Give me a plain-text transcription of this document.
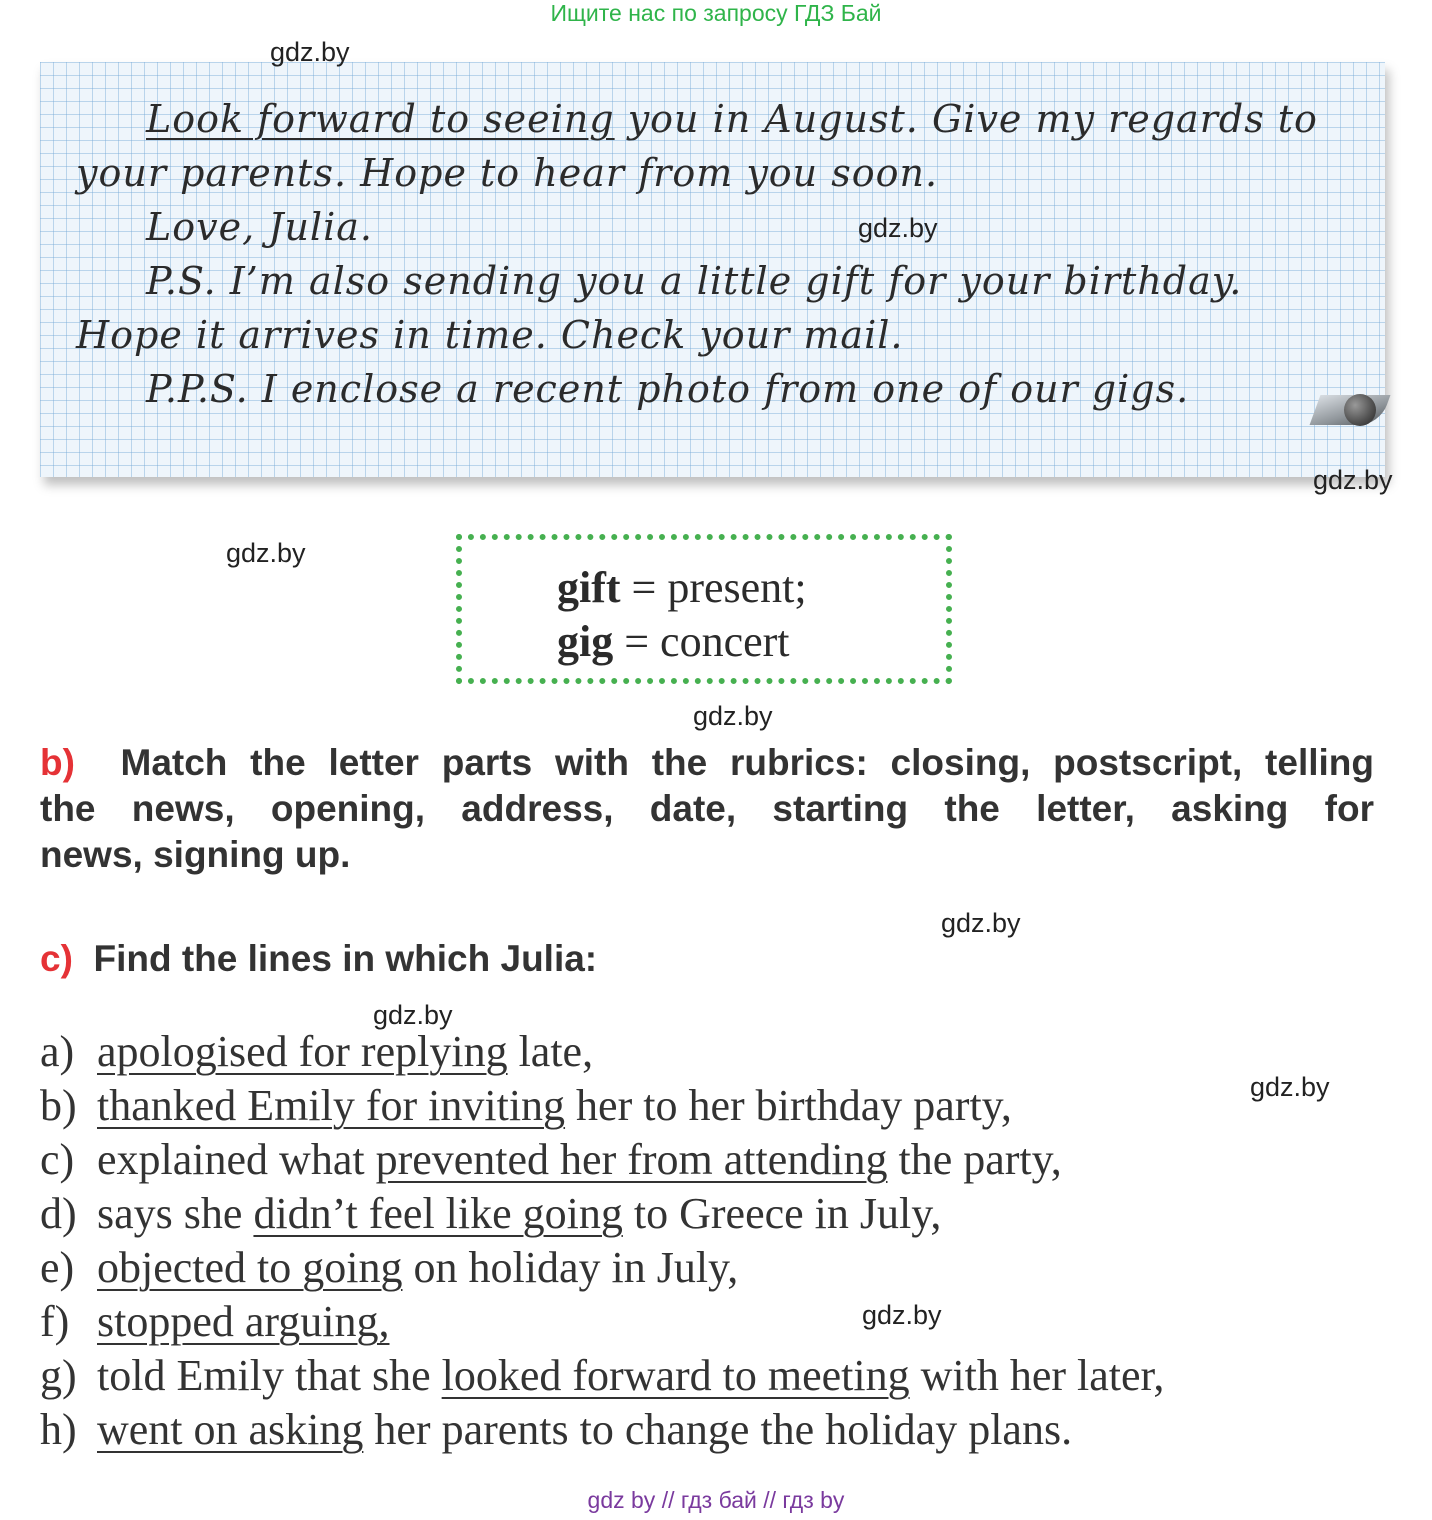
Ищите нас по запросу ГДЗ Бай
Look forward to seeing you in August. Give my regards to
your parents. Hope to hear from you soon.
Love, Julia.
P.S. I’m also sending you a little gift for your birthday.
Hope it arrives in time. Check your mail.
P.P.S. I enclose a recent photo from one of our gigs.
gdz.by
gdz.by
gdz.by
gdz.by
gdz.by
gdz.by
gdz.by
gdz.by
gdz.by
gift = present;
gig = concert
b) Match the letter parts with the rubrics: closing, postscript, telling
the news, opening, address, date, starting the letter, asking for
news, signing up.
c) Find the lines in which Julia:
a) apologised for replying late,
b) thanked Emily for inviting her to her birthday party,
c) explained what prevented her from attending the party,
d) says she didn’t feel like going to Greece in July,
e) objected to going on holiday in July,
f) stopped arguing,
g) told Emily that she looked forward to meeting with her later,
h) went on asking her parents to change the holiday plans.
gdz by // гдз бай // гдз by
